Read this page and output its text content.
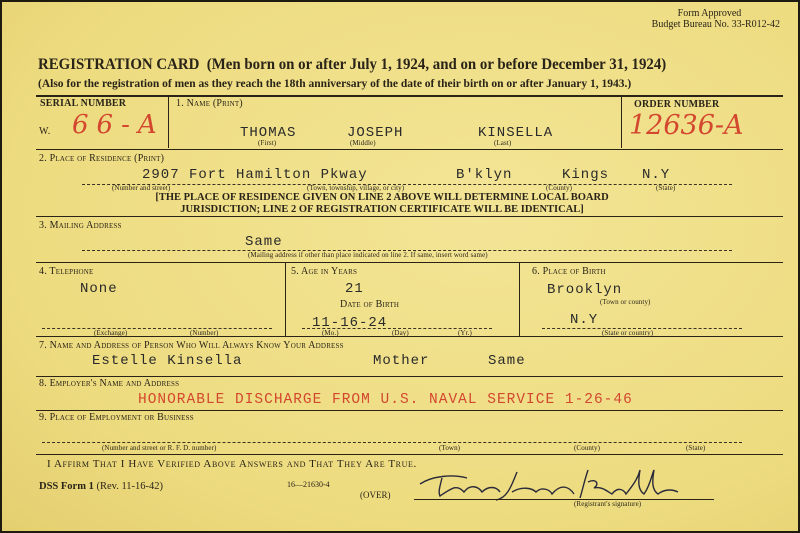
Form Approved
Budget Bureau No. 33-R012-42
REGISTRATION CARD (Men born on or after July 1, 1924, and on or before December 31, 1924)
(Also for the registration of men as they reach the 18th anniversary of the date of their birth on or after January 1, 1943.)
SERIAL NUMBER
W. 66-A
1. Name (Print)
THOMAS	JOSEPH	KINSELLA
(First)	(Middle)	(Last)
ORDER NUMBER
12636-A
2. Place of Residence (Print)
2907 Fort Hamilton Pkway	B'klyn	Kings N.Y
(Number and street)	(Town, township, village, or city)	(County)	(State)
[THE PLACE OF RESIDENCE GIVEN ON LINE 2 ABOVE WILL DETERMINE LOCAL BOARD
JURISDICTION; LINE 2 OF REGISTRATION CERTIFICATE WILL BE IDENTICAL]
3. Mailing Address
Same
(Mailing address if other than place indicated on line 2. If same, insert word same)
4. Telephone
None
(Exchange)	(Number)
5. Age in Years
21
Date of Birth
11-16-24
(Mo.)	(Day)	(Yr.)
6. Place of Birth
Brooklyn
(Town or county)
N.Y
(State or country)
7. Name and Address of Person Who Will Always Know Your Address
Estelle Kinsella	Mother	Same
8. Employer's Name and Address
HONORABLE DISCHARGE FROM U.S. NAVAL SERVICE 1-26-46
9. Place of Employment or Business
(Number and street or R. F. D. number)	(Town)	(County)	(State)
I Affirm That I Have Verified Above Answers and That They Are True.
DSS Form 1 (Rev. 11-16-42)	16—21630-4
(OVER)
(Registrant's signature)
